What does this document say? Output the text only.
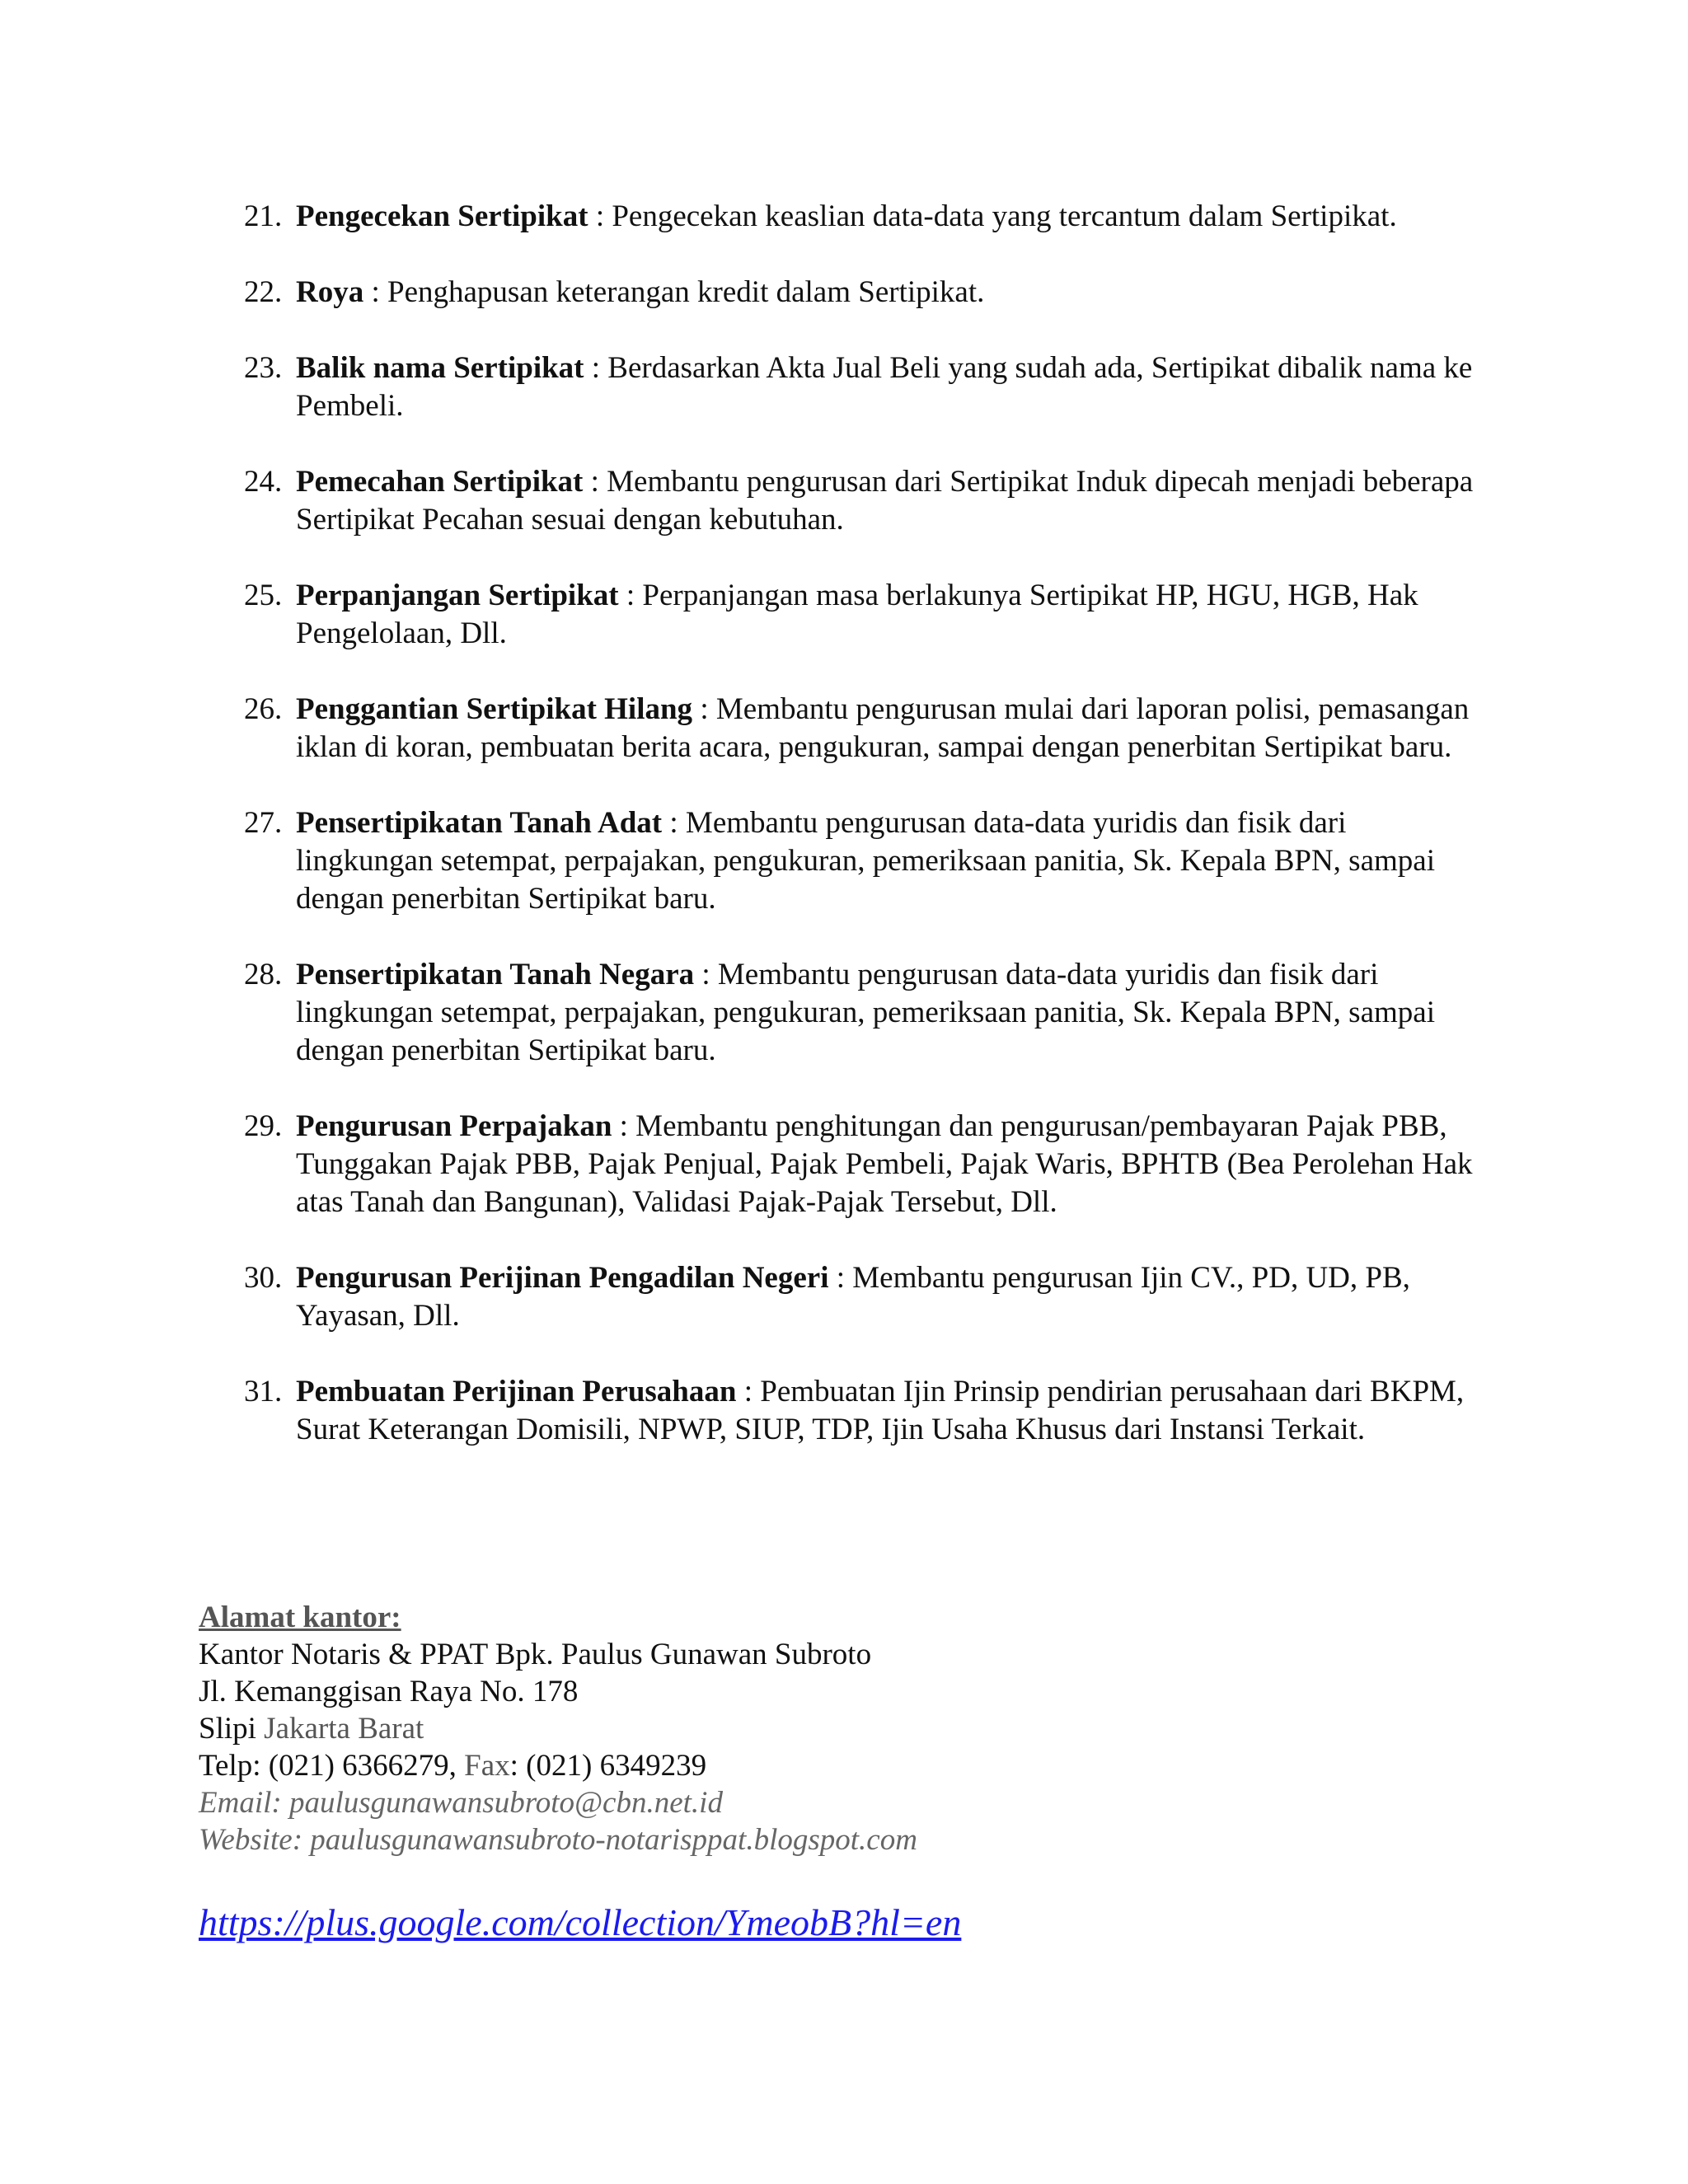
21. Pengecekan Sertipikat : Pengecekan keaslian data-data yang tercantum dalam Sertipikat.
22. Roya : Penghapusan keterangan kredit dalam Sertipikat.
23. Balik nama Sertipikat : Berdasarkan Akta Jual Beli yang sudah ada, Sertipikat dibalik nama ke Pembeli.
24. Pemecahan Sertipikat : Membantu pengurusan dari Sertipikat Induk dipecah menjadi beberapa Sertipikat Pecahan sesuai dengan kebutuhan.
25. Perpanjangan Sertipikat : Perpanjangan masa berlakunya Sertipikat HP, HGU, HGB, Hak Pengelolaan, Dll.
26. Penggantian Sertipikat Hilang : Membantu pengurusan mulai dari laporan polisi, pemasangan iklan di koran, pembuatan berita acara, pengukuran, sampai dengan penerbitan Sertipikat baru.
27. Pensertipikatan Tanah Adat : Membantu pengurusan data-data yuridis dan fisik dari lingkungan setempat, perpajakan, pengukuran, pemeriksaan panitia, Sk. Kepala BPN, sampai dengan penerbitan Sertipikat baru.
28. Pensertipikatan Tanah Negara : Membantu pengurusan data-data yuridis dan fisik dari lingkungan setempat, perpajakan, pengukuran, pemeriksaan panitia, Sk. Kepala BPN, sampai dengan penerbitan Sertipikat baru.
29. Pengurusan Perpajakan : Membantu penghitungan dan pengurusan/pembayaran Pajak PBB, Tunggakan Pajak PBB, Pajak Penjual, Pajak Pembeli, Pajak Waris, BPHTB (Bea Perolehan Hak atas Tanah dan Bangunan), Validasi Pajak-Pajak Tersebut, Dll.
30. Pengurusan Perijinan Pengadilan Negeri : Membantu pengurusan Ijin CV., PD, UD, PB, Yayasan, Dll.
31. Pembuatan Perijinan Perusahaan : Pembuatan Ijin Prinsip pendirian perusahaan dari BKPM, Surat Keterangan Domisili, NPWP, SIUP, TDP, Ijin Usaha Khusus dari Instansi Terkait.
Alamat kantor:
Kantor Notaris & PPAT Bpk. Paulus Gunawan Subroto
Jl. Kemanggisan Raya No. 178
Slipi Jakarta Barat
Telp: (021) 6366279, Fax: (021) 6349239
Email: paulusgunawansubroto@cbn.net.id
Website: paulusgunawansubroto-notarisppat.blogspot.com
https://plus.google.com/collection/YmeobB?hl=en
